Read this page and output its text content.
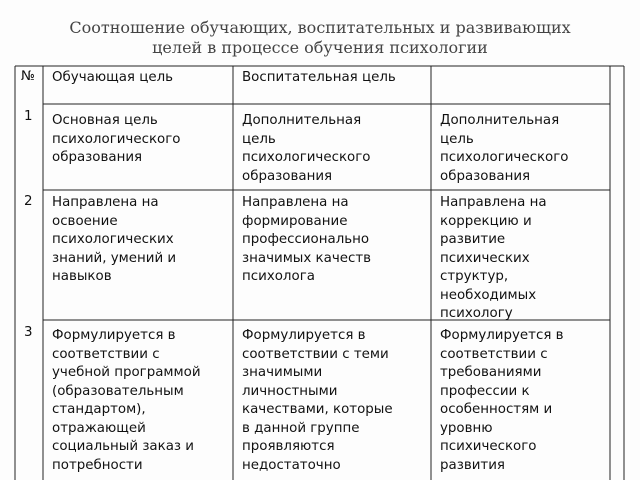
Соотношение обучающих, воспитательных и развивающих
целей в процессе обучения психологии
№
1
2
3
Обучающая цель	Воспитательная цель
Основная цель
психологического
образования
Дополнительная
цель
психологического
образования
Дополнительная
цель
психологического
образования
Направлена на
освоение
психологических
знаний, умений и
навыков
Направлена на
формирование
профессионально
значимых качеств
психолога
Направлена на
коррекцию и
развитие
психических
структур,
необходимых
психологу
Формулируется в
соответствии с
учебной программой
(образовательным
стандартом),
отражающей
социальный заказ и
потребности
Формулируется в
соответствии с теми
значимыми
личностными
качествами, которые
в данной группе
проявляются
недостаточно
Формулируется в
соответствии с
требованиями
профессии к
особенностям и
уровню
психического
развития
